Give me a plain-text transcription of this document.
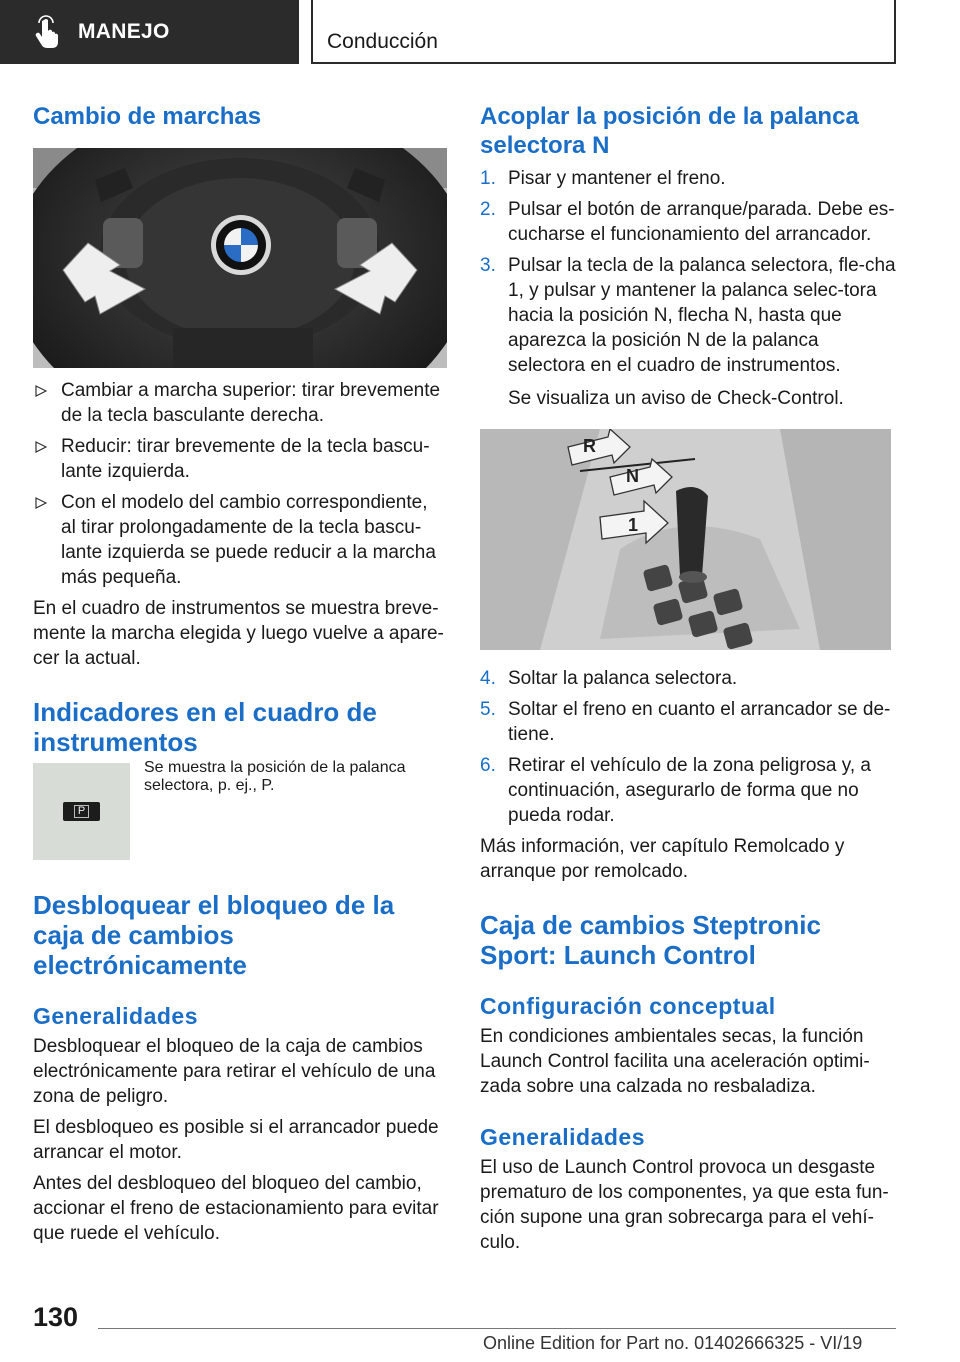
MANEJO	Conducción
Cambio de marchas
Cambiar a marcha superior: tirar brevemente de la tecla basculante derecha.
Reducir: tirar brevemente de la tecla bascu-lante izquierda.
Con el modelo del cambio correspondiente, al tirar prolongadamente de la tecla bascu-lante izquierda se puede reducir a la marcha más pequeña.

En el cuadro de instrumentos se muestra breve-mente la marcha elegida y luego vuelve a apare-cer la actual.

Indicadores en el cuadro de instrumentos
P
Se muestra la posición de la palanca selectora, p. ej., P.
Desbloquear el bloqueo de la caja de cambios electrónicamente
Generalidades

Desbloquear el bloqueo de la caja de cambios electrónicamente para retirar el vehículo de una zona de peligro.

El desbloqueo es posible si el arrancador puede arrancar el motor.

Antes del desbloqueo del bloqueo del cambio, accionar el freno de estacionamiento para evitar que ruede el vehículo.

Acoplar la posición de la palanca selectora N
1. Pisar y mantener el freno.
2. Pulsar el botón de arranque/parada. Debe es-cucharse el funcionamiento del arrancador.
3. Pulsar la tecla de la palanca selectora, fle-cha 1, y pulsar y mantener la palanca selec-tora hacia la posición N, flecha N, hasta que aparezca la posición N de la palanca selectora en el cuadro de instrumentos.
Se visualiza un aviso de Check-Control.
R
N
1
4. Soltar la palanca selectora.
5. Soltar el freno en cuanto el arrancador se de-tiene.
6. Retirar el vehículo de la zona peligrosa y, a continuación, asegurarlo de forma que no pueda rodar.

Más información, ver capítulo Remolcado y arranque por remolcado.

Caja de cambios Steptronic Sport: Launch Control
Configuración conceptual

En condiciones ambientales secas, la función Launch Control facilita una aceleración optimi-zada sobre una calzada no resbaladiza.

Generalidades

El uso de Launch Control provoca un desgaste prematuro de los componentes, ya que esta fun-ción supone una gran sobrecarga para el vehí-culo.

130
Online Edition for Part no. 01402666325 - VI/19
